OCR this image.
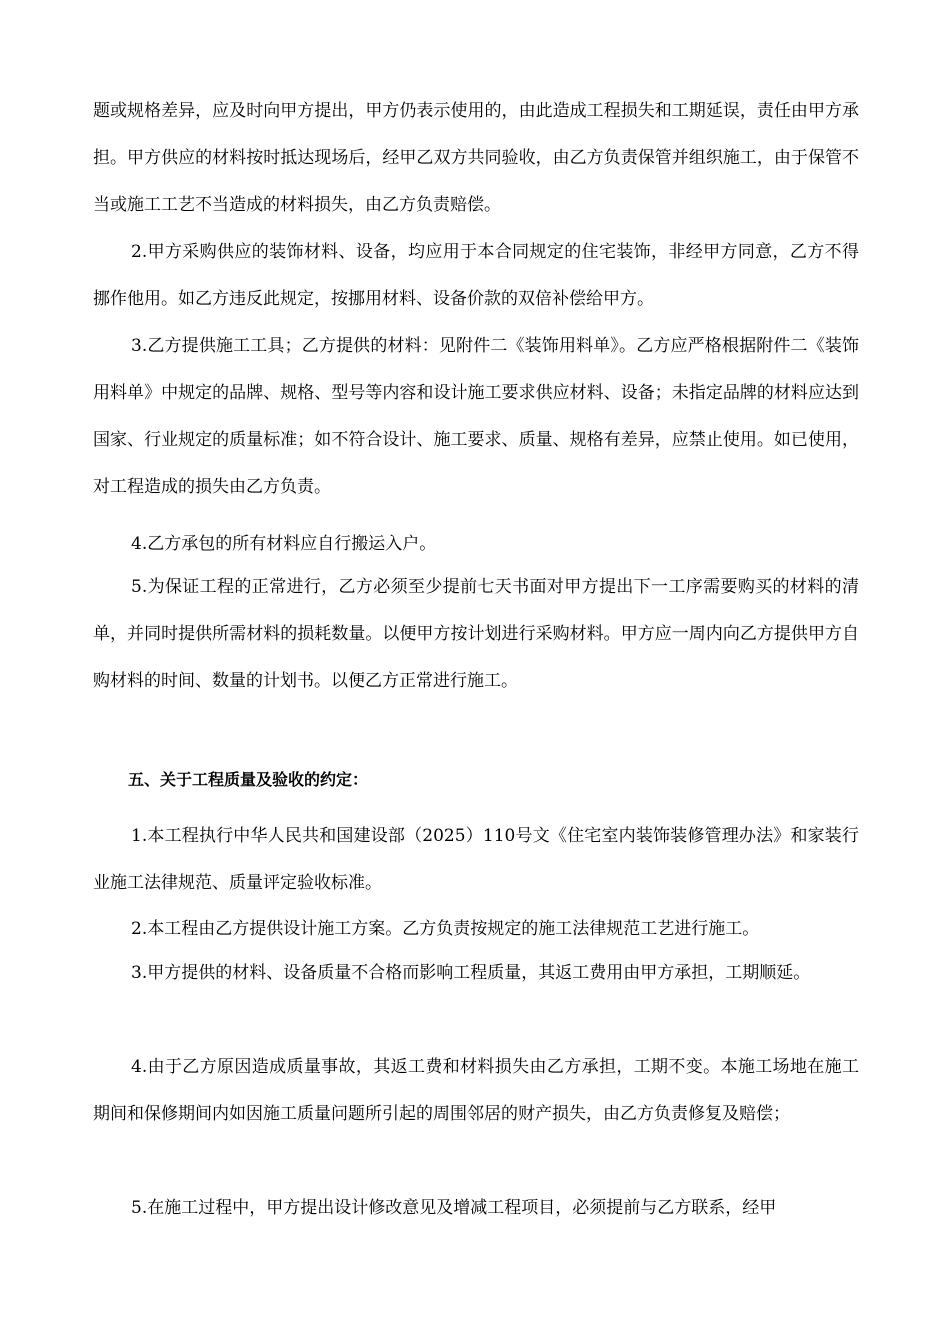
题或规格差异，应及时向甲方提出，甲方仍表示使用的，由此造成工程损失和工期延误，责任由甲方承担。甲方供应的材料按时抵达现场后，经甲乙双方共同验收，由乙方负责保管并组织施工，由于保管不当或施工工艺不当造成的材料损失，由乙方负责赔偿。

2.甲方采购供应的装饰材料、设备，均应用于本合同规定的住宅装饰，非经甲方同意，乙方不得挪作他用。如乙方违反此规定，按挪用材料、设备价款的双倍补偿给甲方。

3.乙方提供施工工具；乙方提供的材料：见附件二《装饰用料单》。乙方应严格根据附件二《装饰用料单》中规定的品牌、规格、型号等内容和设计施工要求供应材料、设备；未指定品牌的材料应达到国家、行业规定的质量标准；如不符合设计、施工要求、质量、规格有差异，应禁止使用。如已使用，对工程造成的损失由乙方负责。

4.乙方承包的所有材料应自行搬运入户。

5.为保证工程的正常进行，乙方必须至少提前七天书面对甲方提出下一工序需要购买的材料的清单，并同时提供所需材料的损耗数量。以便甲方按计划进行采购材料。甲方应一周内向乙方提供甲方自购材料的时间、数量的计划书。以便乙方正常进行施工。

五、关于工程质量及验收的约定：

1.本工程执行中华人民共和国建设部（2025）110号文《住宅室内装饰装修管理办法》和家装行业施工法律规范、质量评定验收标准。

2.本工程由乙方提供设计施工方案。乙方负责按规定的施工法律规范工艺进行施工。

3.甲方提供的材料、设备质量不合格而影响工程质量，其返工费用由甲方承担，工期顺延。

4.由于乙方原因造成质量事故，其返工费和材料损失由乙方承担，工期不变。本施工场地在施工期间和保修期间内如因施工质量问题所引起的周围邻居的财产损失，由乙方负责修复及赔偿；

5.在施工过程中，甲方提出设计修改意见及增减工程项目，必须提前与乙方联系，经甲
